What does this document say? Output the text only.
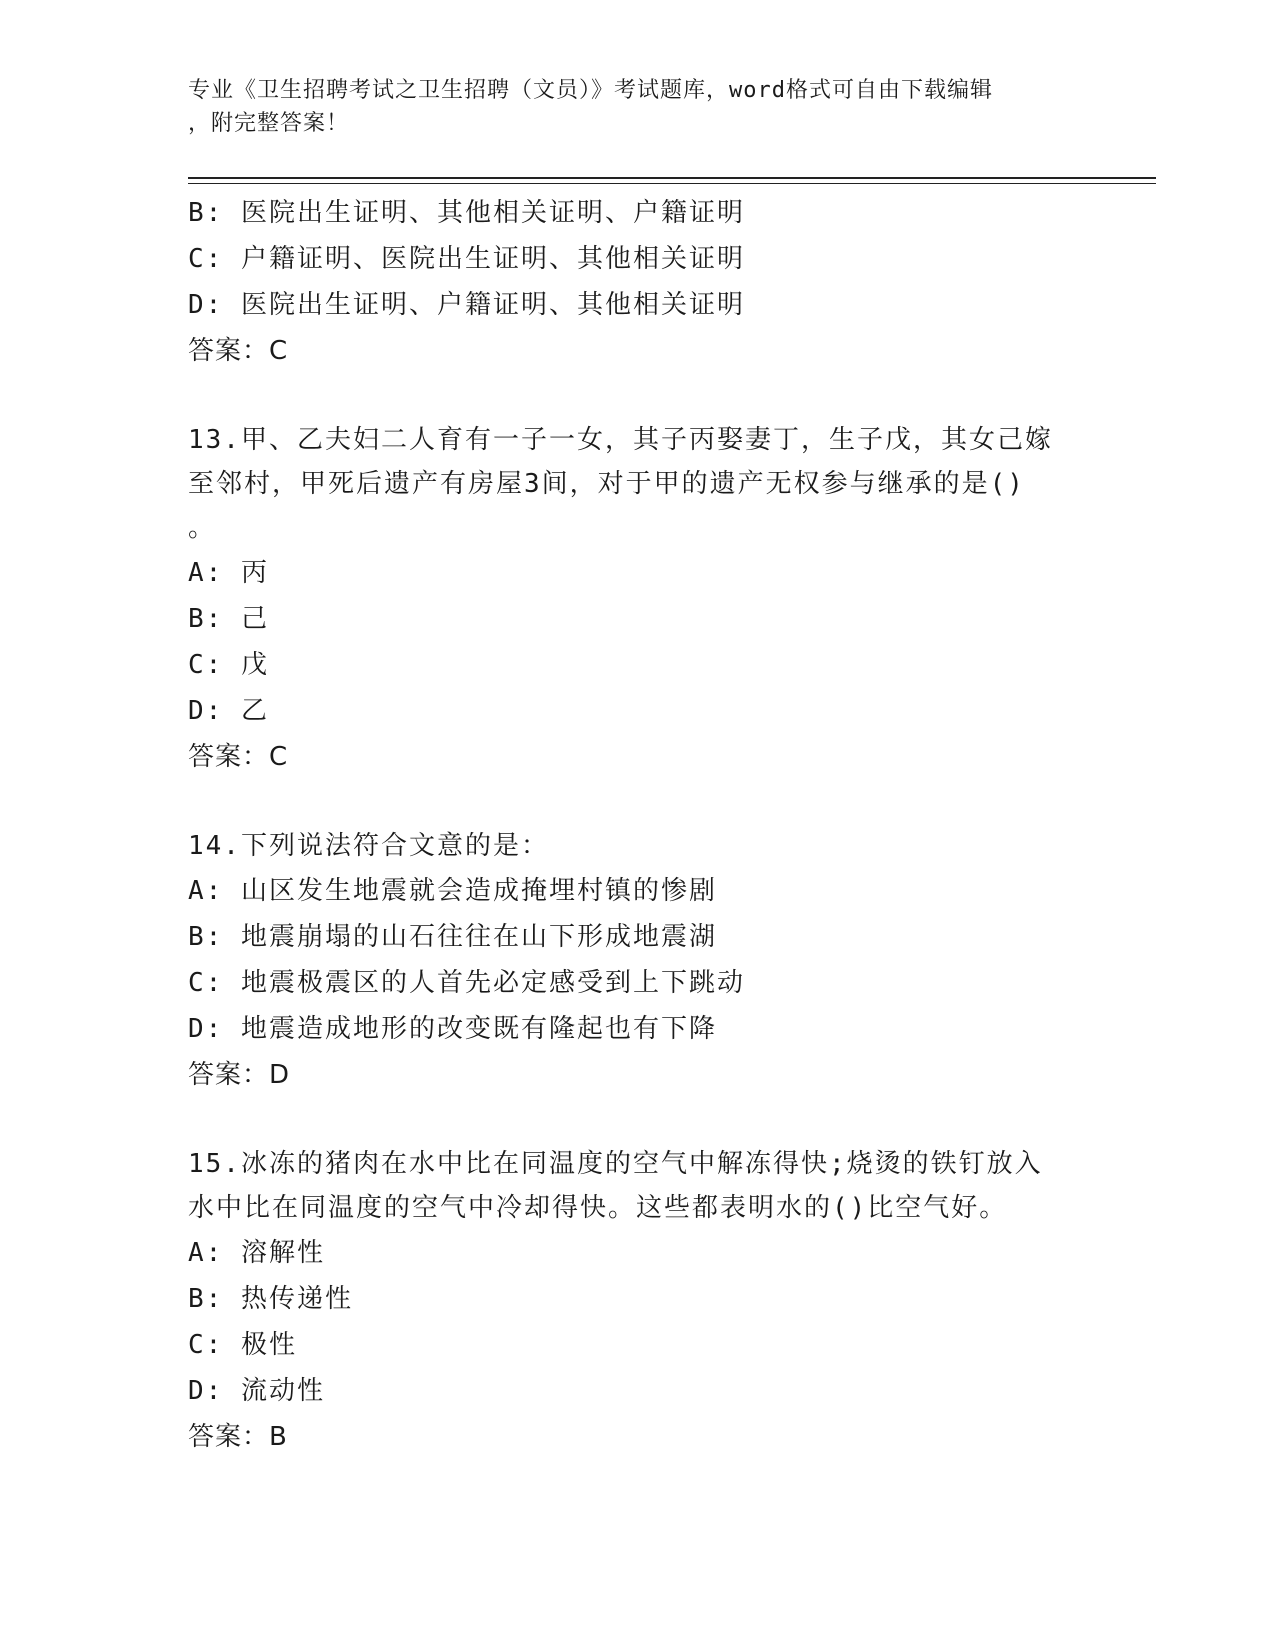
专业《卫生招聘考试之卫生招聘（文员）》考试题库，word格式可自由下载编辑
，附完整答案！
B: 医院出生证明、其他相关证明、户籍证明
C: 户籍证明、医院出生证明、其他相关证明
D: 医院出生证明、户籍证明、其他相关证明
答案：C
13.甲、乙夫妇二人育有一子一女，其子丙娶妻丁，生子戊，其女己嫁
至邻村，甲死后遗产有房屋3间，对于甲的遗产无权参与继承的是()
。
A: 丙
B: 己
C: 戊
D: 乙
答案：C
14.下列说法符合文意的是：
A: 山区发生地震就会造成掩埋村镇的惨剧
B: 地震崩塌的山石往往在山下形成地震湖
C: 地震极震区的人首先必定感受到上下跳动
D: 地震造成地形的改变既有隆起也有下降
答案：D
15.冰冻的猪肉在水中比在同温度的空气中解冻得快;烧烫的铁钉放入
水中比在同温度的空气中冷却得快。这些都表明水的()比空气好。
A: 溶解性
B: 热传递性
C: 极性
D: 流动性
答案：B
